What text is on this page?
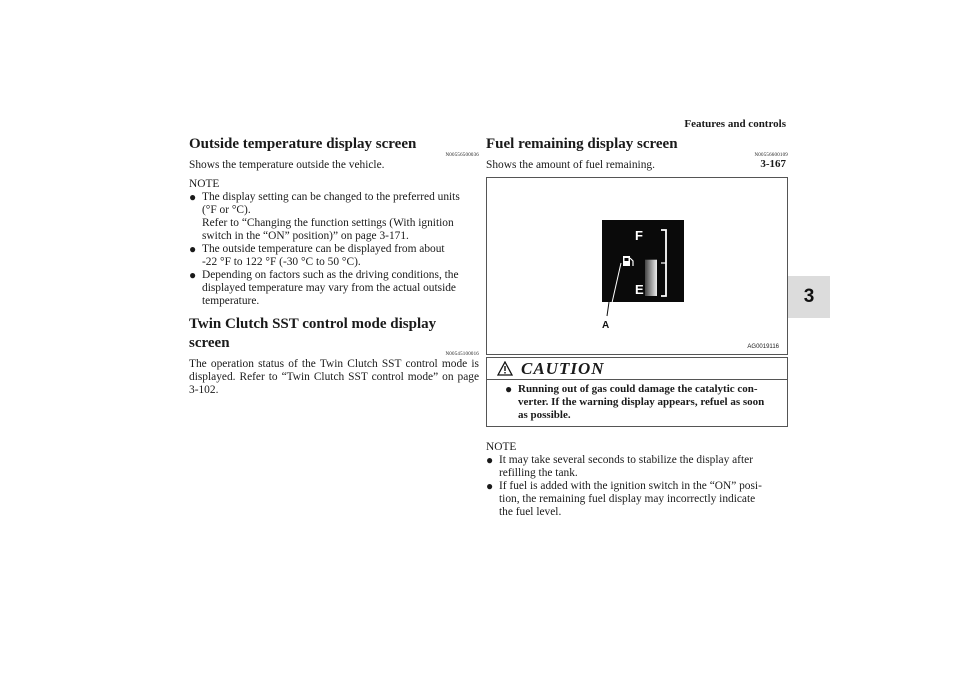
Features and controls
3-167
3
Outside temperature display screen
N00556500036

Shows the temperature outside the vehicle.

NOTE
● The display setting can be changed to the preferred units
(°F or °C).
Refer to “Changing the function settings (With ignition
switch in the “ON” position)” on page 3-171.
● The outside temperature can be displayed from about
-22 °F to 122 °F (-30 °C to 50 °C).
● Depending on factors such as the driving conditions, the
displayed temperature may vary from the actual outside
temperature.
Twin Clutch SST control mode display screen
N00545100016

The operation status of the Twin Clutch SST control mode is displayed. Refer to “Twin Clutch SST control mode” on page 3-102.

Fuel remaining display screen
N00556600109

Shows the amount of fuel remaining.

F
E
A
AG0019116
CAUTION
● Running out of gas could damage the catalytic con-
verter. If the warning display appears, refuel as soon
as possible.
NOTE
● It may take several seconds to stabilize the display after
refilling the tank.
● If fuel is added with the ignition switch in the “ON” posi-
tion, the remaining fuel display may incorrectly indicate
the fuel level.
